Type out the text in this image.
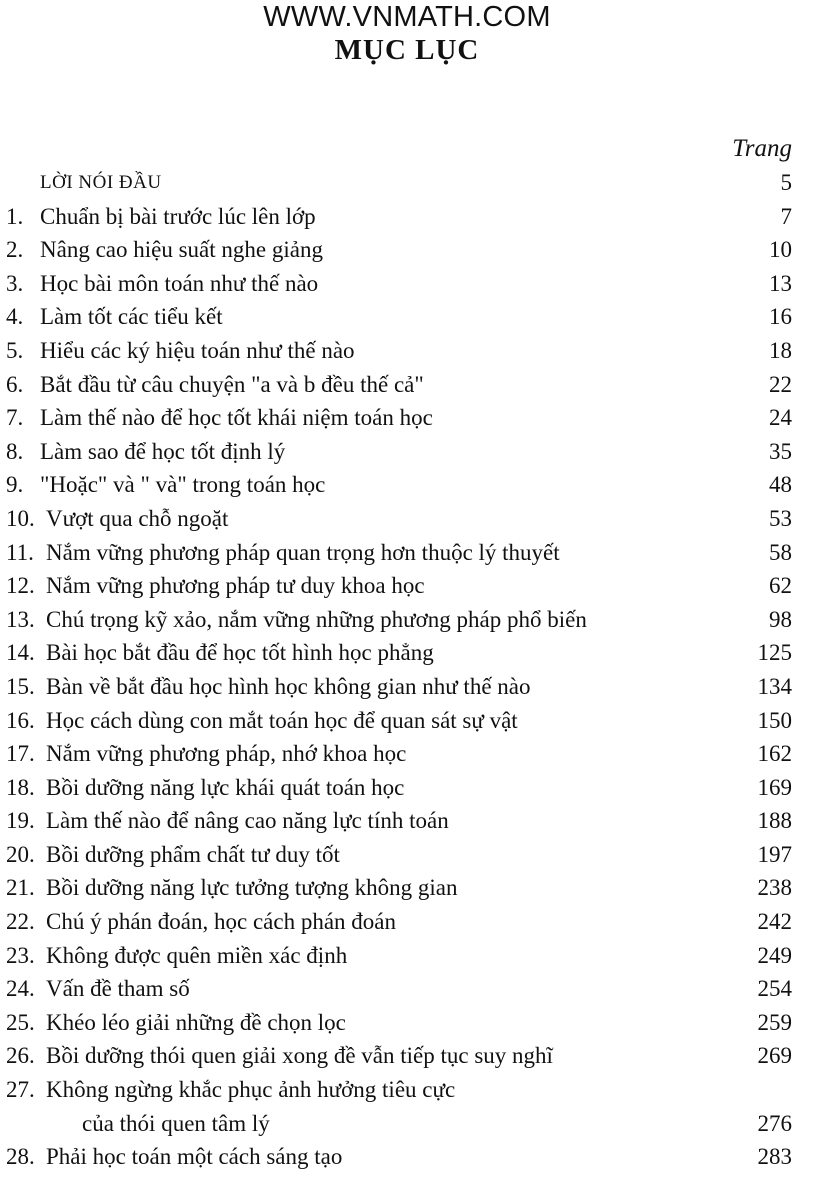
WWW.VNMATH.COM
MỤC LỤC
Trang
LỜI NÓI ĐẦU	5
1. Chuẩn bị bài trước lúc lên lớp	7
2. Nâng cao hiệu suất nghe giảng	10
3. Học bài môn toán như thế nào	13
4. Làm tốt các tiểu kết	16
5. Hiểu các ký hiệu toán như thế nào	18
6. Bắt đầu từ câu chuyện "a và b đều thế cả"	22
7. Làm thế nào để học tốt khái niệm toán học	24
8. Làm sao để học tốt định lý	35
9. "Hoặc" và " và" trong toán học	48
10. Vượt qua chỗ ngoặt	53
11. Nắm vững phương pháp quan trọng hơn thuộc lý thuyết	58
12. Nắm vững phương pháp tư duy khoa học	62
13. Chú trọng kỹ xảo, nắm vững những phương pháp phổ biến	98
14. Bài học bắt đầu để học tốt hình học phẳng	125
15. Bàn về bắt đầu học hình học không gian như thế nào	134
16. Học cách dùng con mắt toán học để quan sát sự vật	150
17. Nắm vững phương pháp, nhớ khoa học	162
18. Bồi dưỡng năng lực khái quát toán học	169
19. Làm thế nào để nâng cao năng lực tính toán	188
20. Bồi dưỡng phẩm chất tư duy tốt	197
21. Bồi dưỡng năng lực tưởng tượng không gian	238
22. Chú ý phán đoán, học cách phán đoán	242
23. Không được quên miền xác định	249
24. Vấn đề tham số	254
25. Khéo léo giải những đề chọn lọc	259
26. Bồi dưỡng thói quen giải xong đề vẫn tiếp tục suy nghĩ	269
27. Không ngừng khắc phục ảnh hưởng tiêu cực
của thói quen tâm lý	276
28. Phải học toán một cách sáng tạo	283
